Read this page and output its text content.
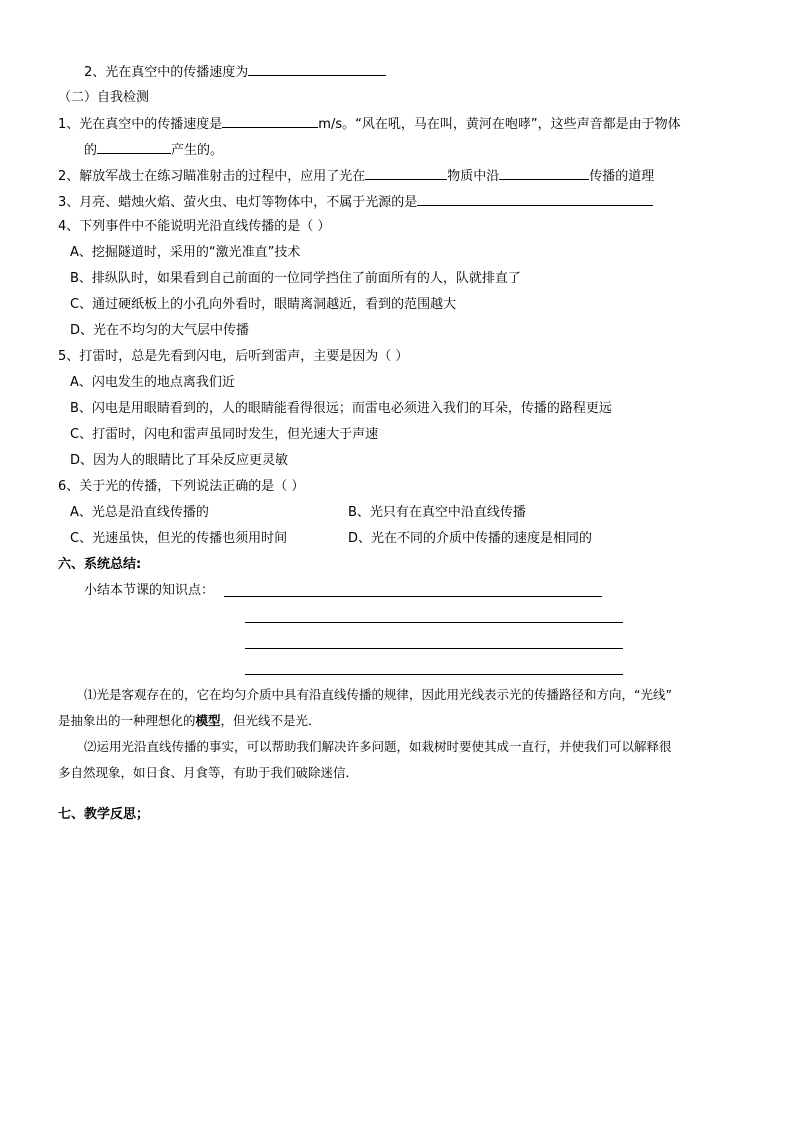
2、光在真空中的传播速度为
（二）自我检测
1、光在真空中的传播速度是	m/s。“风在吼，马在叫，黄河在咆哮”，这些声音都是由于物体
的	产生的。
2、解放军战士在练习瞄准射击的过程中，应用了光在	物质中沿	传播的道理
3、月亮、蜡烛火焰、萤火虫、电灯等物体中，不属于光源的是
4、下列事件中不能说明光沿直线传播的是（ ）
A、挖掘隧道时，采用的“激光准直”技术
B、排纵队时，如果看到自己前面的一位同学挡住了前面所有的人，队就排直了
C、通过硬纸板上的小孔向外看时，眼睛离洞越近，看到的范围越大
D、光在不均匀的大气层中传播
5、打雷时，总是先看到闪电，后听到雷声，主要是因为（ ）
A、闪电发生的地点离我们近
B、闪电是用眼睛看到的，人的眼睛能看得很远；而雷电必须进入我们的耳朵，传播的路程更远
C、打雷时，闪电和雷声虽同时发生，但光速大于声速
D、因为人的眼睛比了耳朵反应更灵敏
6、关于光的传播，下列说法正确的是（ ）
A、光总是沿直线传播的	B、光只有在真空中沿直线传播
C、光速虽快，但光的传播也须用时间	D、光在不同的介质中传播的速度是相同的
六、系统总结:
小结本节课的知识点：
⑴光是客观存在的，它在均匀介质中具有沿直线传播的规律，因此用光线表示光的传播路径和方向，“光线”
是抽象出的一种理想化的模型，但光线不是光．
⑵运用光沿直线传播的事实，可以帮助我们解决许多问题，如栽树时要使其成一直行，并使我们可以解释很
多自然现象，如日食、月食等，有助于我们破除迷信．
七、教学反思；
